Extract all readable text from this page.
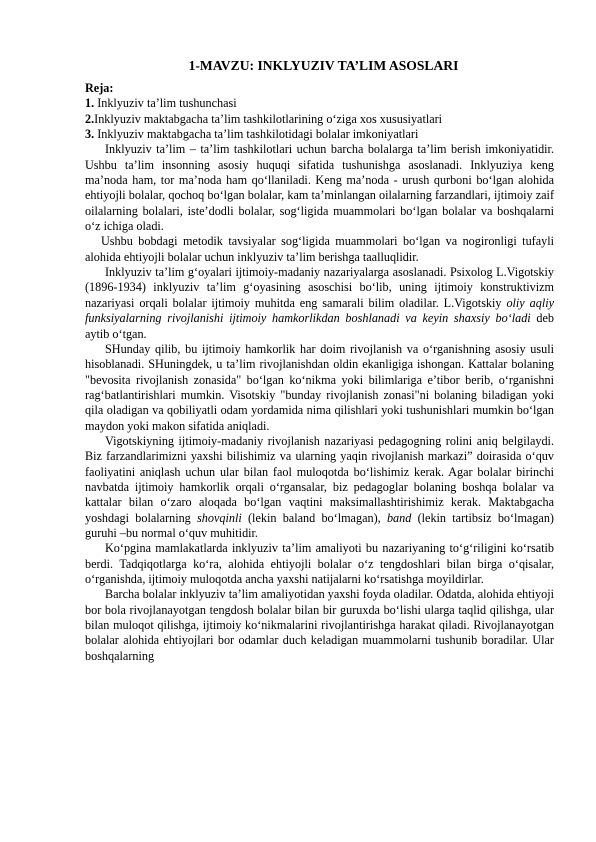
1-MAVZU: INKLYUZIV TA’LIM ASOSLARI
Reja:
1. Inklyuziv ta’lim tushunchasi
2.Inklyuziv maktabgacha ta’lim tashkilotlarining o‘ziga xos xususiyatlari
3. Inklyuziv maktabgacha ta’lim tashkilotidagi bolalar imkoniyatlari

Inklyuziv ta’lim – ta’lim tashkilotlari uchun barcha bolalarga ta’lim berish imkoniyatidir. Ushbu ta’lim insonning asosiy huquqi sifatida tushunishga asoslanadi. Inklyuziya keng ma’noda ham, tor ma’noda ham qo‘llaniladi. Keng ma’noda - urush qurboni bo‘lgan alohida ehtiyojli bolalar, qochoq bo‘lgan bolalar, kam ta’minlangan oilalarning farzandlari, ijtimoiy zaif oilalarning bolalari, iste’dodli bolalar, sog‘ligida muammolari bo‘lgan bolalar va boshqalarni o‘z ichiga oladi.

Ushbu bobdagi metodik tavsiyalar sog‘ligida muammolari bo‘lgan va nogironligi tufayli alohida ehtiyojli bolalar uchun inklyuziv ta’lim berishga taalluqlidir.

Inklyuziv ta’lim g‘oyalari ijtimoiy-madaniy nazariyalarga asoslanadi. Psixolog L.Vigotskiy (1896-1934) inklyuziv ta’lim g‘oyasining asoschisi bo‘lib, uning ijtimoiy konstruktivizm nazariyasi orqali bolalar ijtimoiy muhitda eng samarali bilim oladilar. L.Vigotskiy oliy aqliy funksiyalarning rivojlanishi ijtimoiy hamkorlikdan boshlanadi va keyin shaxsiy bo‘ladi deb aytib o‘tgan.

SHunday qilib, bu ijtimoiy hamkorlik har doim rivojlanish va o‘rganishning asosiy usuli hisoblanadi. SHuningdek, u ta’lim rivojlanishdan oldin ekanligiga ishongan. Kattalar bolaning "bevosita rivojlanish zonasida" bo‘lgan ko‘nikma yoki bilimlariga e’tibor berib, o‘rganishni rag‘batlantirishlari mumkin. Visotskiy "bunday rivojlanish zonasi"ni bolaning biladigan yoki qila oladigan va qobiliyatli odam yordamida nima qilishlari yoki tushunishlari mumkin bo‘lgan maydon yoki makon sifatida aniqladi.

Vigotskiyning ijtimoiy-madaniy rivojlanish nazariyasi pedagogning rolini aniq belgilaydi. Biz farzandlarimizni yaxshi bilishimiz va ularning yaqin rivojlanish markazi” doirasida o‘quv faoliyatini aniqlash uchun ular bilan faol muloqotda bo‘lishimiz kerak. Agar bolalar birinchi navbatda ijtimoiy hamkorlik orqali o‘rgansalar, biz pedagoglar bolaning boshqa bolalar va kattalar bilan o‘zaro aloqada bo‘lgan vaqtini maksimallashtirishimiz kerak. Maktabgacha yoshdagi bolalarning shovqinli (lekin baland bo‘lmagan), band (lekin tartibsiz bo‘lmagan) guruhi –bu normal o‘quv muhitidir.

Ko‘pgina mamlakatlarda inklyuziv ta’lim amaliyoti bu nazariyaning to‘g‘riligini ko‘rsatib berdi. Tadqiqotlarga ko‘ra, alohida ehtiyojli bolalar o‘z tengdoshlari bilan birga o‘qisalar, o‘rganishda, ijtimoiy muloqotda ancha yaxshi natijalarni ko‘rsatishga moyildirlar.

Barcha bolalar inklyuziv ta’lim amaliyotidan yaxshi foyda oladilar. Odatda, alohida ehtiyoji bor bola rivojlanayotgan tengdosh bolalar bilan bir guruxda bo‘lishi ularga taqlid qilishga, ular bilan muloqot qilishga, ijtimoiy ko‘nikmalarini rivojlantirishga harakat qiladi. Rivojlanayotgan bolalar alohida ehtiyojlari bor odamlar duch keladigan muammolarni tushunib boradilar. Ular boshqalarning
